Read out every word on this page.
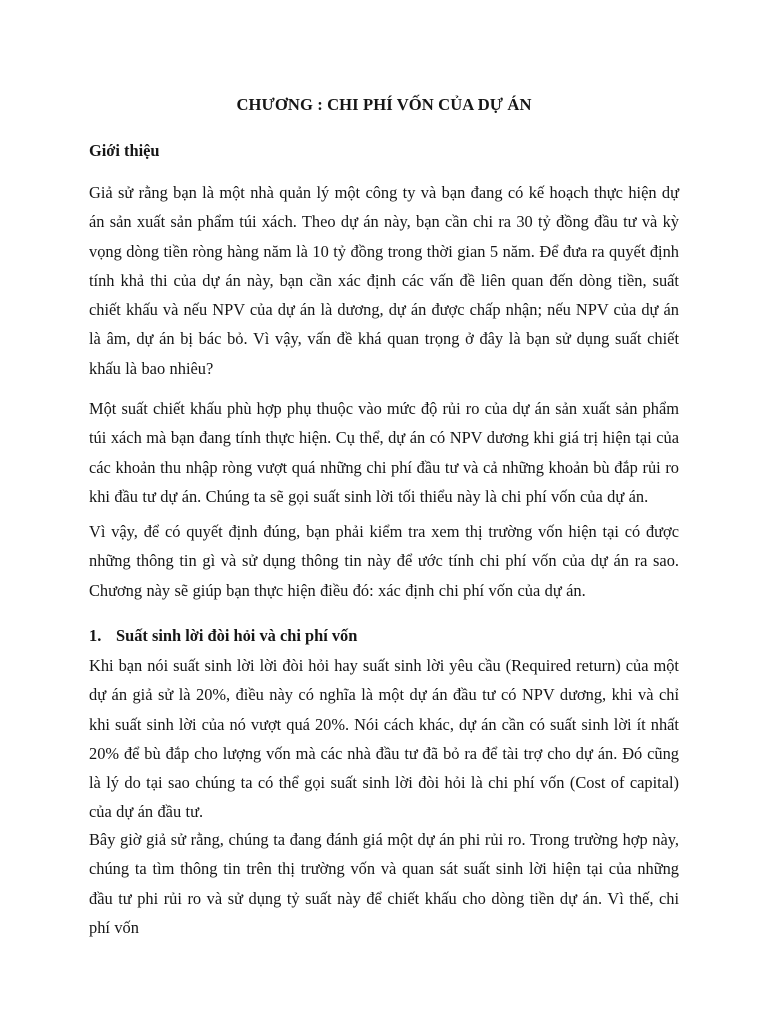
CHƯƠNG : CHI PHÍ VỐN CỦA DỰ ÁN
Giới thiệu

Giả sử rằng bạn là một nhà quản lý một công ty và bạn đang có kế hoạch thực hiện dự án sản xuất sản phẩm túi xách. Theo dự án này, bạn cần chi ra 30 tỷ đồng đầu tư và kỳ vọng dòng tiền ròng hàng năm là 10 tỷ đồng trong thời gian 5 năm. Để đưa ra quyết định tính khả thi của dự án này, bạn cần xác định các vấn đề liên quan đến dòng tiền, suất chiết khấu và nếu NPV của dự án là dương, dự án được chấp nhận; nếu NPV của dự án là âm, dự án bị bác bỏ. Vì vậy, vấn đề khá quan trọng ở đây là bạn sử dụng suất chiết khấu là bao nhiêu?

Một suất chiết khấu phù hợp phụ thuộc vào mức độ rủi ro của dự án sản xuất sản phẩm túi xách mà bạn đang tính thực hiện. Cụ thể, dự án có NPV dương khi giá trị hiện tại của các khoản thu nhập ròng vượt quá những chi phí đầu tư và cả những khoản bù đắp rủi ro khi đầu tư dự án. Chúng ta sẽ gọi suất sinh lời tối thiểu này là chi phí vốn của dự án.

Vì vậy, để có quyết định đúng, bạn phải kiểm tra xem thị trường vốn hiện tại có được những thông tin gì và sử dụng thông tin này để ước tính chi phí vốn của dự án ra sao. Chương này sẽ giúp bạn thực hiện điều đó: xác định chi phí vốn của dự án.

1. Suất sinh lời đòi hỏi và chi phí vốn

Khi bạn nói suất sinh lời lời đòi hỏi hay suất sinh lời yêu cầu (Required return) của một dự án giả sử là 20%, điều này có nghĩa là một dự án đầu tư có NPV dương, khi và chỉ khi suất sinh lời của nó vượt quá 20%. Nói cách khác, dự án cần có suất sinh lời ít nhất 20% để bù đắp cho lượng vốn mà các nhà đầu tư đã bỏ ra để tài trợ cho dự án. Đó cũng là lý do tại sao chúng ta có thể gọi suất sinh lời đòi hỏi là chi phí vốn (Cost of capital) của dự án đầu tư.

Bây giờ giả sử rằng, chúng ta đang đánh giá một dự án phi rủi ro. Trong trường hợp này, chúng ta tìm thông tin trên thị trường vốn và quan sát suất sinh lời hiện tại của những đầu tư phi rủi ro và sử dụng tỷ suất này để chiết khấu cho dòng tiền dự án. Vì thế, chi phí vốn
